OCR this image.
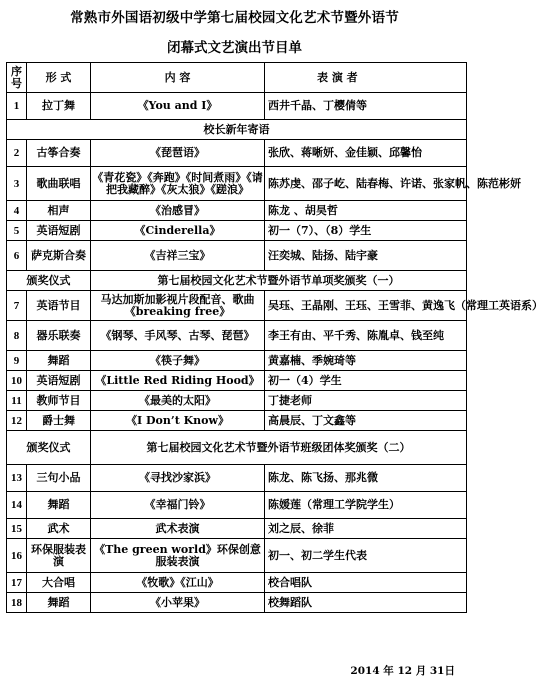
常熟市外国语初级中学第七届校园文化艺术节暨外语节
闭幕式文艺演出节目单
序号	形 式	内 容	表 演 者
1	拉丁舞	《You and I》	西井千晶、丁樱倩等
校长新年寄语			
2	古筝合奏	《琵琶语》	张欣、蒋晰妍、金佳颖、邱馨怡
3	歌曲联唱	《青花瓷》《奔跑》《时间煮雨》《请把我藏醉》《灰太狼》《蹉浪》	陈苏虔、邵子屹、陆春梅、许诺、张家帆、陈范彬妍
4	相声	《治感冒》	陈龙 、胡昊哲
5	英语短剧	《Cinderella》	初一（7）、（8）学生
6	萨克斯合奏	《吉祥三宝》	汪奕城、陆扬、陆宇豪
颁奖仪式		第七届校园文化艺术节暨外语节单项奖颁奖（一）	
7	英语节目	马达加斯加影视片段配音、歌曲《breaking free》	吴珏、王晶刚、王珏、王雪菲、黄逸飞（常理工英语系）
8	器乐联奏	《钢琴、手风琴、古琴、琵琶》	李王有由、平千秀、陈胤卓、钱至纯
9	舞蹈	《筷子舞》	黄嘉楠、季婉琦等
10	英语短剧	《Little Red Riding Hood》	初一（4）学生
11	教师节目	《最美的太阳》	丁捷老师
12	爵士舞	《I Don’t Know》	高晨辰、丁文鑫等
颁奖仪式		第七届校园文化艺术节暨外语节班级团体奖颁奖（二）	
13	三句小品	《寻找沙家浜》	陈龙、陈飞扬、那兆微
14	舞蹈	《幸福门铃》	陈媛莲（常理工学院学生）
15	武术	武术表演	刘之辰、徐菲
16	环保服装表演	《The green world》环保创意服装表演	初一、初二学生代表
17	大合唱	《牧歌》《江山》	校合唱队
18	舞蹈	《小苹果》	校舞蹈队
2014 年 12 月 31日
